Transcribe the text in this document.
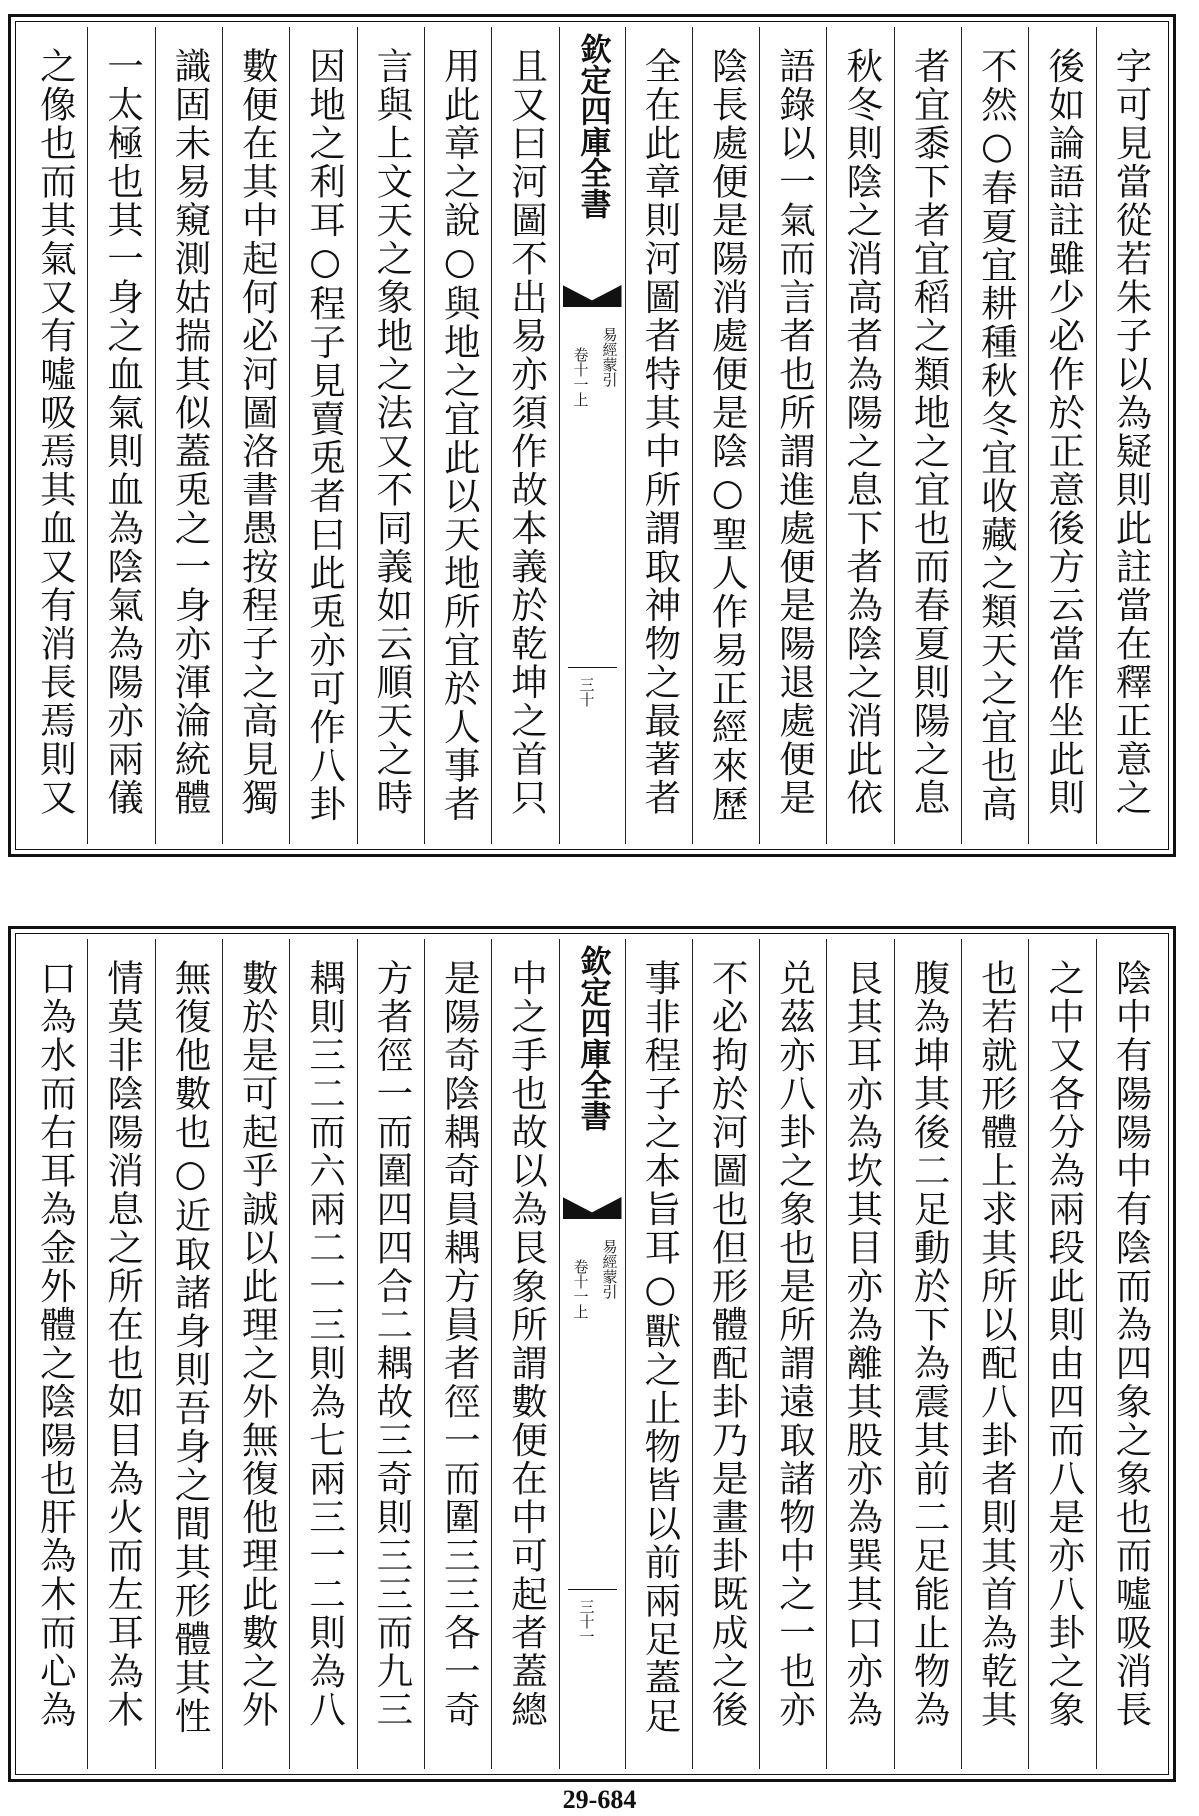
字可見當從若朱子以為疑則此註當在釋正意之
後如論語註雖少必作於正意後方云當作坐此則
不然○春夏宜耕種秋冬宜收藏之類天之宜也高
者宜黍下者宜稻之類地之宜也而春夏則陽之息
秋冬則陰之消高者為陽之息下者為陰之消此依
語錄以一氣而言者也所謂進處便是陽退處便是
陰長處便是陽消處便是陰○聖人作易正經來歷
全在此章則河圖者特其中所謂取神物之最著者
欽定四庫全書
易經蒙引
卷十一上
三十
且又曰河圖不出易亦須作故本義於乾坤之首只
用此章之說○與地之宜此以天地所宜於人事者
言與上文天之象地之法又不同義如云順天之時
因地之利耳○程子見賣兎者曰此兎亦可作八卦
數便在其中起何必河圖洛書愚按程子之高見獨
識固未易窺測姑揣其似蓋兎之一身亦渾淪統體
一太極也其一身之血氣則血為陰氣為陽亦兩儀
之像也而其氣又有噓吸焉其血又有消長焉則又
陰中有陽陽中有陰而為四象之象也而噓吸消長
之中又各分為兩段此則由四而八是亦八卦之象
也若就形體上求其所以配八卦者則其首為乾其
腹為坤其後二足動於下為震其前二足能止物為
艮其耳亦為坎其目亦為離其股亦為巽其口亦為
兑茲亦八卦之象也是所謂遠取諸物中之一也亦
不必拘於河圖也但形體配卦乃是畫卦既成之後
事非程子之本旨耳○獸之止物皆以前兩足蓋足
欽定四庫全書
易經蒙引
卷十一上
三十一
中之手也故以為艮象所謂數便在中可起者蓋總
是陽奇陰耦奇員耦方員者徑一而圍三三各一奇
方者徑一而圍四四合二耦故三奇則三三而九三
耦則三二而六兩二一三則為七兩三一二則為八
數於是可起乎誠以此理之外無復他理此數之外
無復他數也○近取諸身則吾身之間其形體其性
情莫非陰陽消息之所在也如目為火而左耳為木
口為水而右耳為金外體之陰陽也肝為木而心為
29-684
